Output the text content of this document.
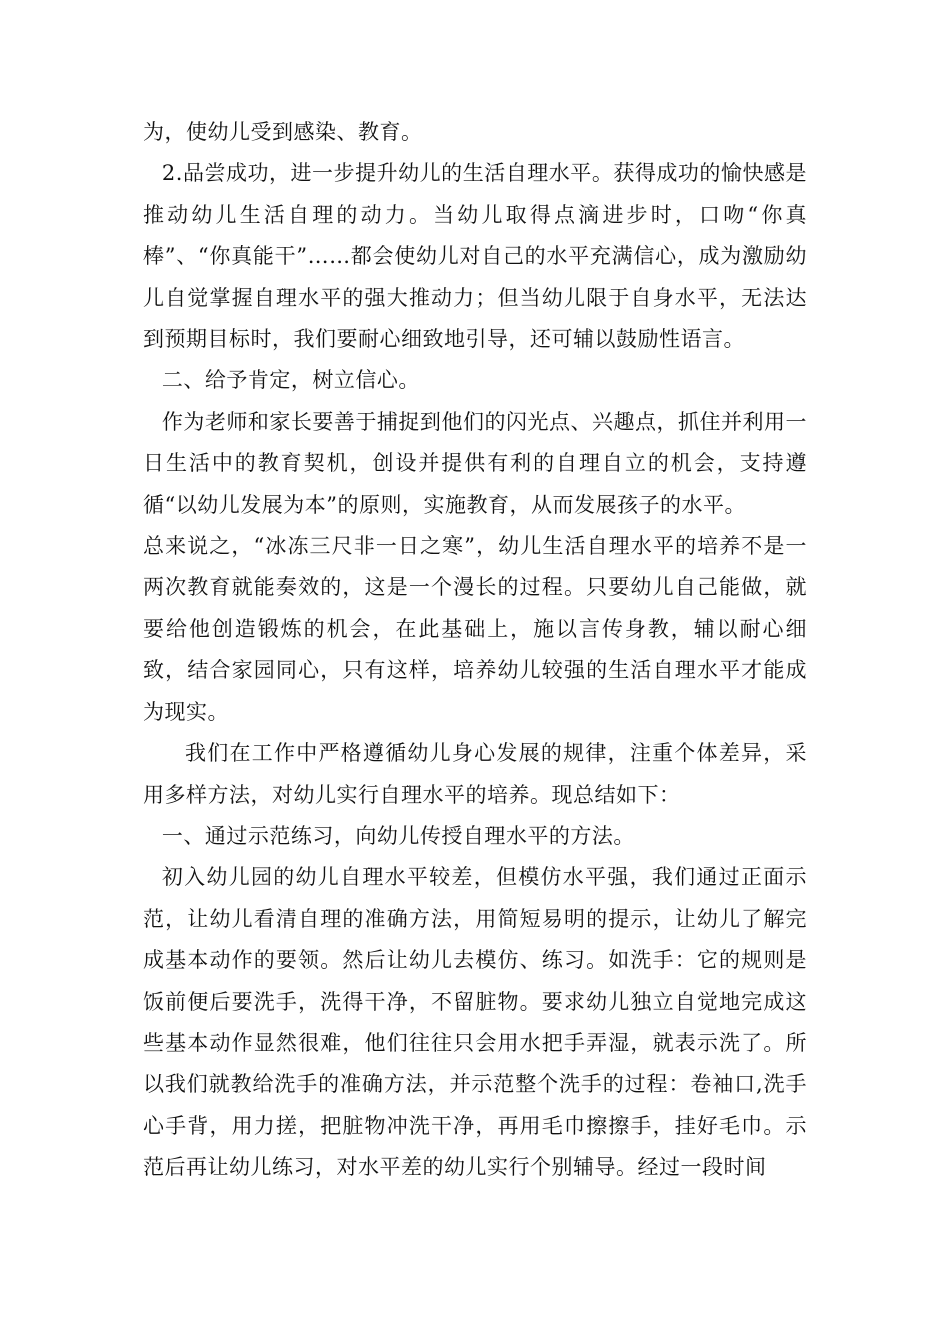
为，使幼儿受到感染、教育。

2.品尝成功，进一步提升幼儿的生活自理水平。获得成功的愉快感是推动幼儿生活自理的动力。当幼儿取得点滴进步时，口吻“你真棒”、“你真能干”……都会使幼儿对自己的水平充满信心，成为激励幼儿自觉掌握自理水平的强大推动力；但当幼儿限于自身水平，无法达到预期目标时，我们要耐心细致地引导，还可辅以鼓励性语言。

二、给予肯定，树立信心。

作为老师和家长要善于捕捉到他们的闪光点、兴趣点，抓住并利用一日生活中的教育契机，创设并提供有利的自理自立的机会，支持遵循“以幼儿发展为本”的原则，实施教育，从而发展孩子的水平。

总来说之，“冰冻三尺非一日之寒”，幼儿生活自理水平的培养不是一两次教育就能奏效的，这是一个漫长的过程。只要幼儿自己能做，就要给他创造锻炼的机会，在此基础上，施以言传身教，辅以耐心细致，结合家园同心，只有这样，培养幼儿较强的生活自理水平才能成为现实。

我们在工作中严格遵循幼儿身心发展的规律，注重个体差异，采用多样方法，对幼儿实行自理水平的培养。现总结如下：

一、通过示范练习，向幼儿传授自理水平的方法。

初入幼儿园的幼儿自理水平较差，但模仿水平强，我们通过正面示范，让幼儿看清自理的准确方法，用简短易明的提示，让幼儿了解完成基本动作的要领。然后让幼儿去模仿、练习。如洗手：它的规则是饭前便后要洗手，洗得干净，不留脏物。要求幼儿独立自觉地完成这些基本动作显然很难，他们往往只会用水把手弄湿，就表示洗了。所以我们就教给洗手的准确方法，并示范整个洗手的过程：卷袖口,洗手心手背，用力搓，把脏物冲洗干净，再用毛巾擦擦手，挂好毛巾。示范后再让幼儿练习，对水平差的幼儿实行个别辅导。经过一段时间
